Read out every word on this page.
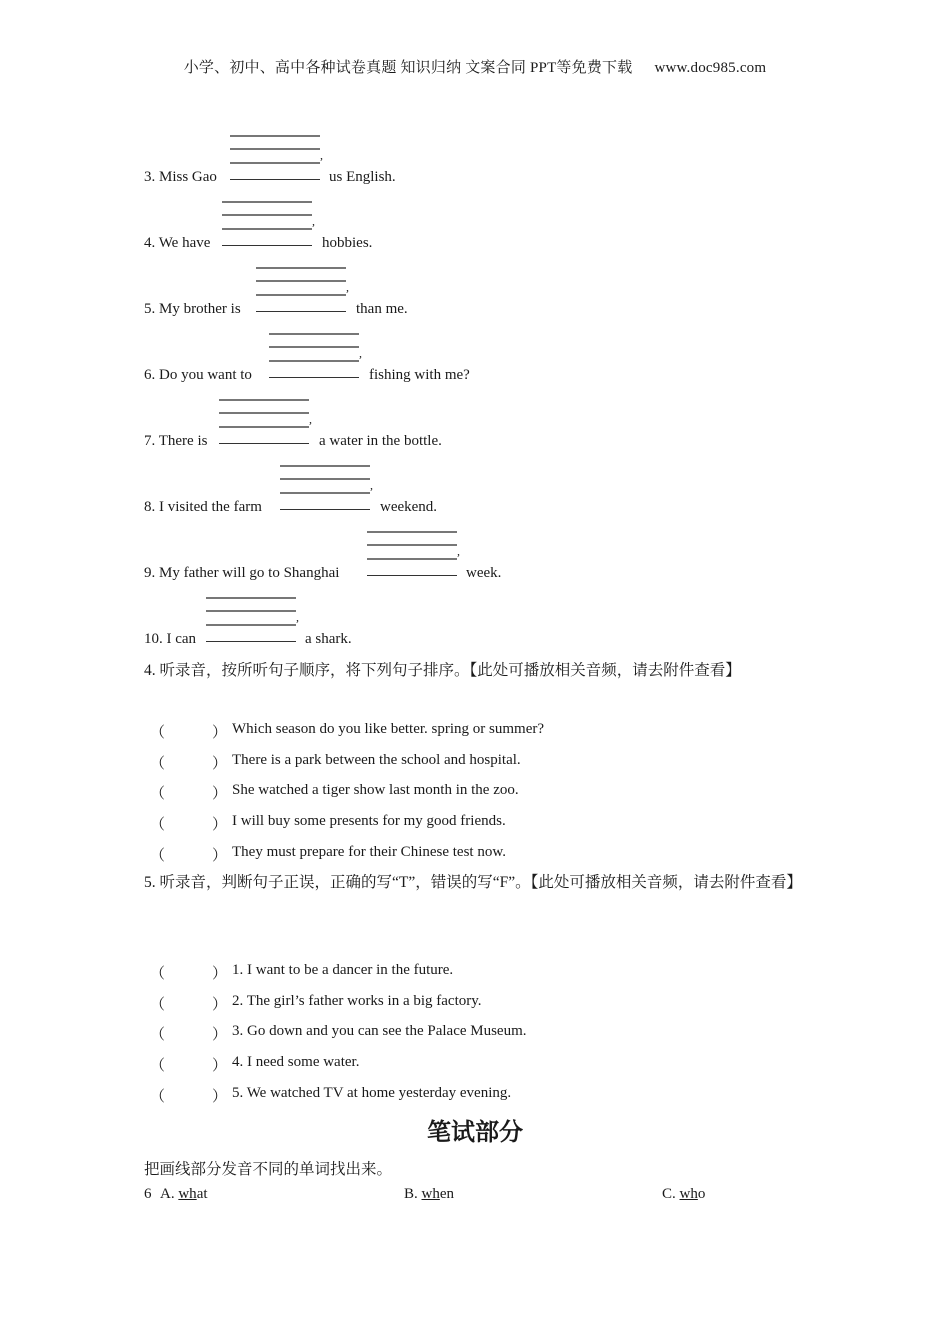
小学、初中、高中各种试卷真题 知识归纳 文案合同 PPT等免费下载 www.doc985.com
3. Miss Gao
,
us English.
4. We have
,
hobbies.
5. My brother is
,
than me.
6. Do you want to
,
fishing with me?
7. There is
,
a water in the bottle.
8. I visited the farm
,
weekend.
9. My father will go to Shanghai
,
week.
10. I can
,
a shark.
4. 听录音，按所听句子顺序，将下列句子排序。【此处可播放相关音频，请去附件查看】
（	） Which season do you like better. spring or summer?
（	） There is a park between the school and hospital.
（	） She watched a tiger show last month in the zoo.
（	） I will buy some presents for my good friends.
（	） They must prepare for their Chinese test now.
5. 听录音，判断句子正误，正确的写“T”，错误的写“F”。【此处可播放相关音频，请去附件查看】
（	） 1. I want to be a dancer in the future.
（	） 2. The girl’s father works in a big factory.
（	） 3. Go down and you can see the Palace Museum.
（	） 4. I need some water.
（	） 5. We watched TV at home yesterday evening.
笔试部分
把画线部分发音不同的单词找出来。
6 A. what	B. when	C. who
